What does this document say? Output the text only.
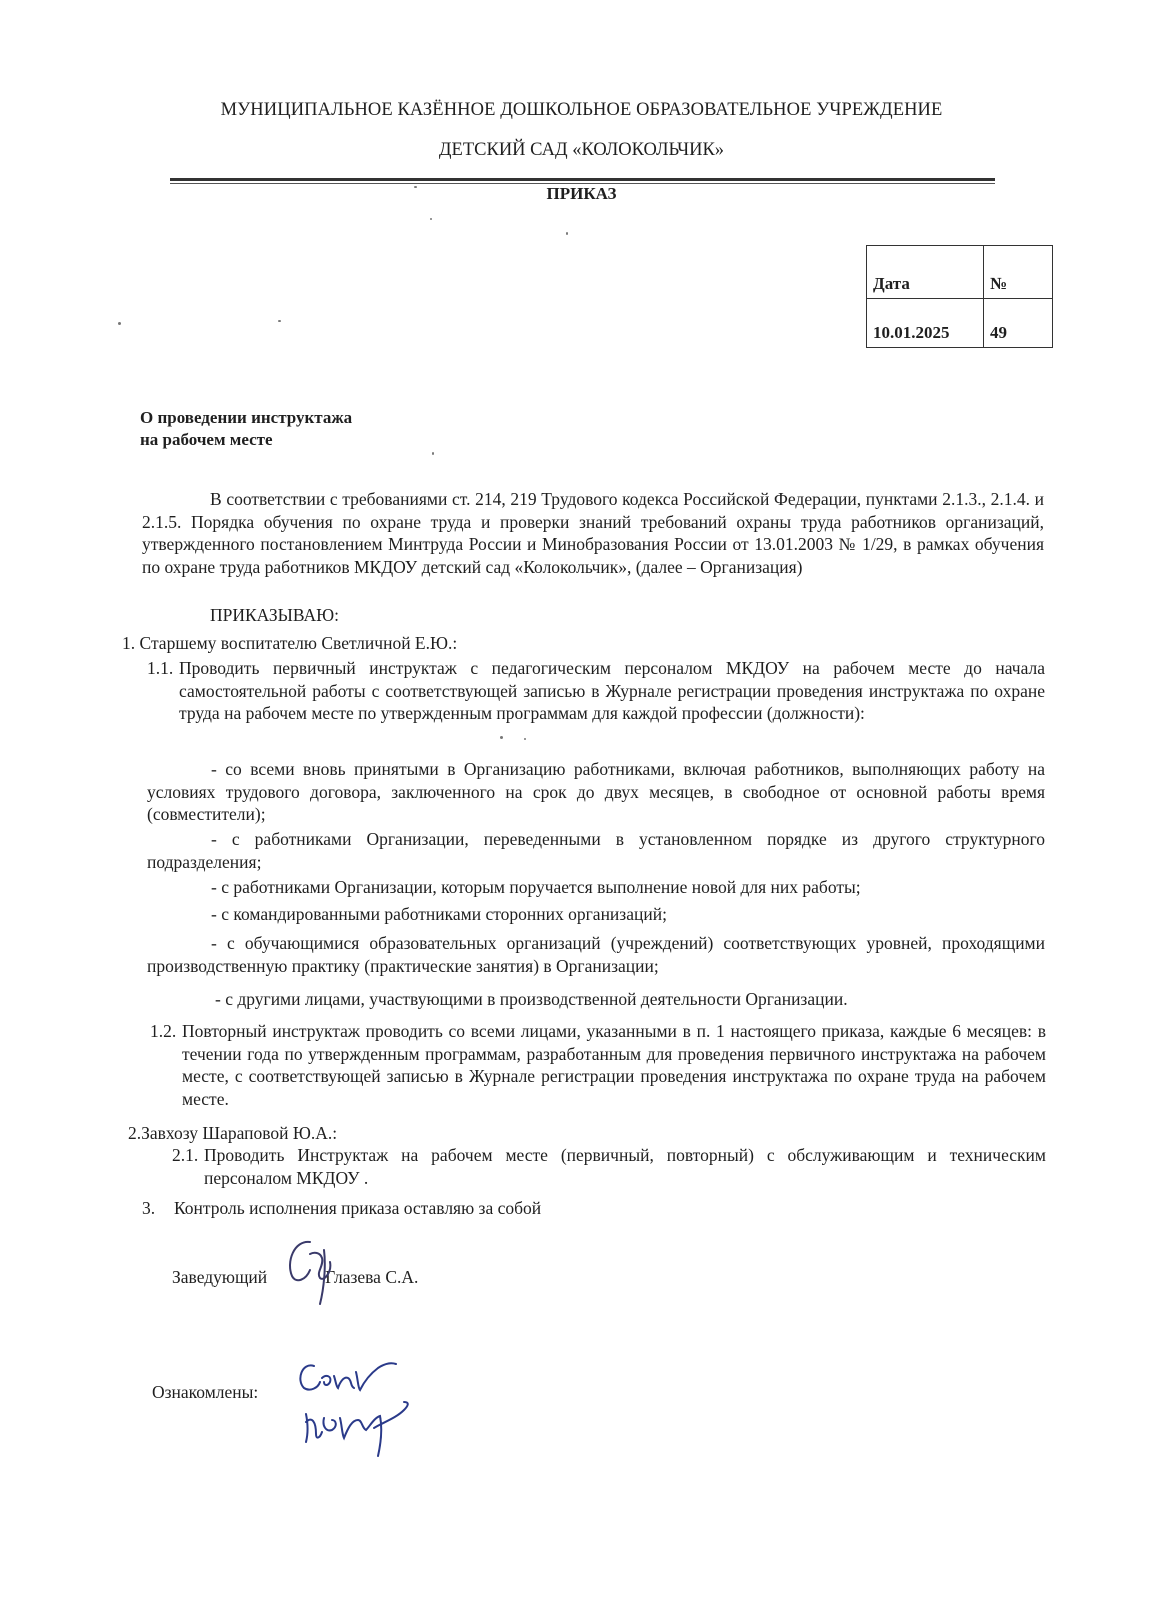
МУНИЦИПАЛЬНОЕ КАЗЁННОЕ ДОШКОЛЬНОЕ ОБРАЗОВАТЕЛЬНОЕ УЧРЕЖДЕНИЕ
ДЕТСКИЙ САД «КОЛОКОЛЬЧИК»
ПРИКАЗ
Дата	№
10.01.2025	49
О проведении инструктажа
на рабочем месте
В соответствии с требованиями ст. 214, 219 Трудового кодекса Российской Федерации, пунктами 2.1.3., 2.1.4. и 2.1.5. Порядка обучения по охране труда и проверки знаний требований охраны труда работников организаций, утвержденного постановлением Минтруда России и Минобразования России от 13.01.2003 № 1/29, в рамках обучения по охране труда работников МКДОУ детский сад «Колокольчик», (далее – Организация)
ПРИКАЗЫВАЮ:
1. Старшему воспитателю Светличной Е.Ю.:
1.1. Проводить первичный инструктаж с педагогическим персоналом МКДОУ на рабочем месте до начала самостоятельной работы с соответствующей записью в Журнале регистрации проведения инструктажа по охране труда на рабочем месте по утвержденным программам для каждой профессии (должности):
- со всеми вновь принятыми в Организацию работниками, включая работников, выполняющих работу на условиях трудового договора, заключенного на срок до двух месяцев, в свободное от основной работы время (совместители);
- с работниками Организации, переведенными в установленном порядке из другого структурного подразделения;
- с работниками Организации, которым поручается выполнение новой для них работы;
- с командированными работниками сторонних организаций;
- с обучающимися образовательных организаций (учреждений) соответствующих уровней, проходящими производственную практику (практические занятия) в Организации;
- с другими лицами, участвующими в производственной деятельности Организации.
1.2. Повторный инструктаж проводить со всеми лицами, указанными в п. 1 настоящего приказа, каждые 6 месяцев: в течении года по утвержденным программам, разработанным для проведения первичного инструктажа на рабочем месте, с соответствующей записью в Журнале регистрации проведения инструктажа по охране труда на рабочем месте.
2.Завхозу Шараповой Ю.А.:
2.1. Проводить Инструктаж на рабочем месте (первичный, повторный) с обслуживающим и техническим персоналом МКДОУ .
3. Контроль исполнения приказа оставляю за собой
Заведующий	Глазева С.А.
Ознакомлены:
